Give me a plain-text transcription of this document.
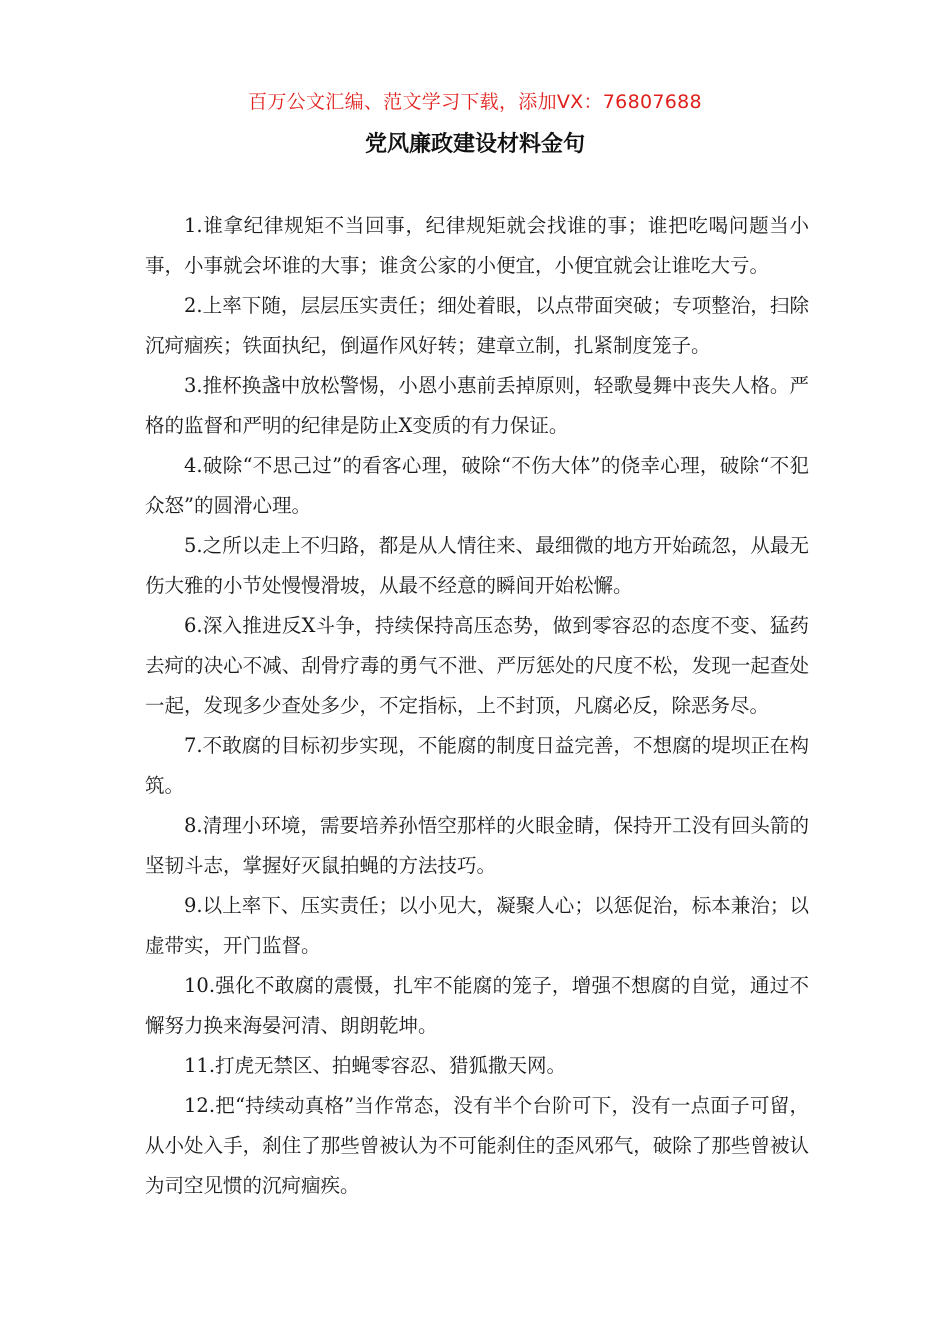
百万公文汇编、范文学习下载，添加VX：76807688
党风廉政建设材料金句

1.谁拿纪律规矩不当回事，纪律规矩就会找谁的事；谁把吃喝问题当小事，小事就会坏谁的大事；谁贪公家的小便宜，小便宜就会让谁吃大亏。

2.上率下随，层层压实责任；细处着眼，以点带面突破；专项整治，扫除沉疴痼疾；铁面执纪，倒逼作风好转；建章立制，扎紧制度笼子。

3.推杯换盏中放松警惕，小恩小惠前丢掉原则，轻歌曼舞中丧失人格。严格的监督和严明的纪律是防止X变质的有力保证。

4.破除“不思己过”的看客心理，破除“不伤大体”的侥幸心理，破除“不犯众怒”的圆滑心理。

5.之所以走上不归路，都是从人情往来、最细微的地方开始疏忽，从最无伤大雅的小节处慢慢滑坡，从最不经意的瞬间开始松懈。

6.深入推进反X斗争，持续保持高压态势，做到零容忍的态度不变、猛药去疴的决心不减、刮骨疗毒的勇气不泄、严厉惩处的尺度不松，发现一起查处一起，发现多少查处多少，不定指标，上不封顶，凡腐必反，除恶务尽。

7.不敢腐的目标初步实现，不能腐的制度日益完善，不想腐的堤坝正在构筑。

8.清理小环境，需要培养孙悟空那样的火眼金睛，保持开工没有回头箭的坚韧斗志，掌握好灭鼠拍蝇的方法技巧。

9.以上率下、压实责任；以小见大，凝聚人心；以惩促治，标本兼治；以虚带实，开门监督。

10.强化不敢腐的震慑，扎牢不能腐的笼子，增强不想腐的自觉，通过不懈努力换来海晏河清、朗朗乾坤。

11.打虎无禁区、拍蝇零容忍、猎狐撒天网。

12.把“持续动真格”当作常态，没有半个台阶可下，没有一点面子可留，从小处入手，刹住了那些曾被认为不可能刹住的歪风邪气，破除了那些曾被认为司空见惯的沉疴痼疾。
